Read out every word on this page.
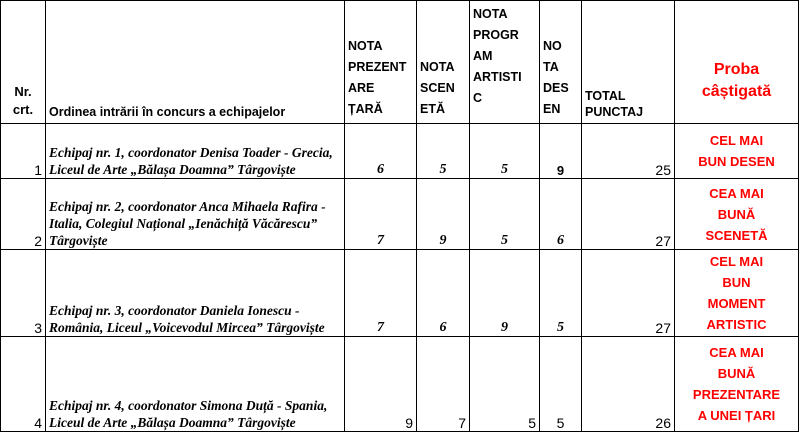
Nr.
crt.	Ordinea intrării în concurs a echipajelor	NOTA
PREZENT
ARE
ȚARĂ	NOTA
SCEN
ETĂ	NOTA
PROGR
AM
ARTISTI
C	NO
TA
DES
EN	TOTAL PUNCTAJ	Proba
câștigată
1	Echipaj nr. 1, coordonator Denisa Toader - Grecia, Liceul de Arte „Bălașa Doamna” Târgoviște	6	5	5	9	25	CEL MAI
BUN DESEN
2	Echipaj nr. 2, coordonator Anca Mihaela Rafira - Italia, Colegiul Național „Ienăchiță Văcărescu” Târgoviște	7	9	5	6	27	CEA MAI
BUNĂ
SCENETĂ
3	Echipaj nr. 3, coordonator Daniela Ionescu - România, Liceul „Voicevodul Mircea” Târgoviște	7	6	9	5	27	CEL MAI
BUN
MOMENT
ARTISTIC
4	Echipaj nr. 4, coordonator Simona Duță - Spania, Liceul de Arte „Bălașa Doamna” Târgoviște	9	7	5	5	26	CEA MAI
BUNĂ
PREZENTARE
A UNEI ȚARI
